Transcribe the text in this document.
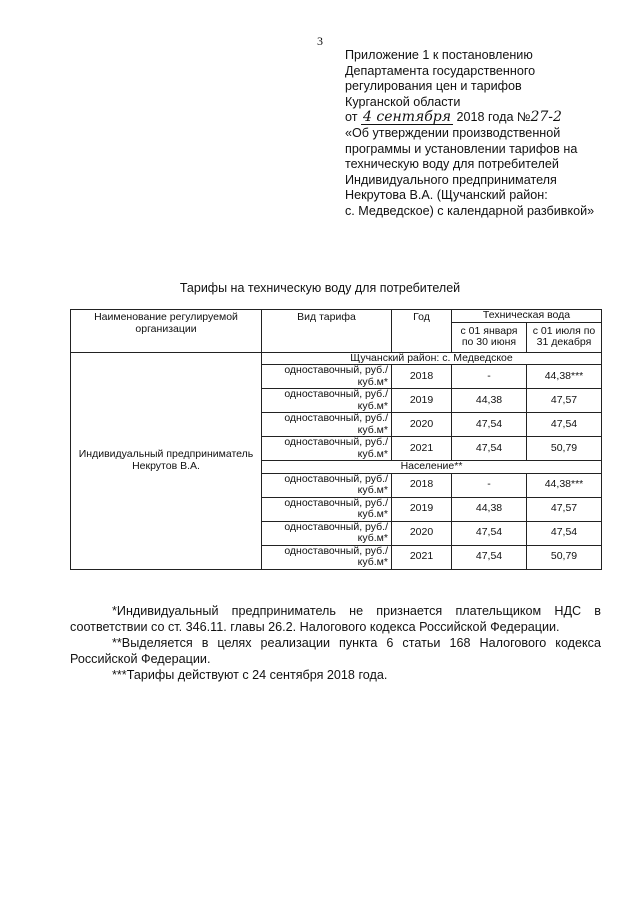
3
Приложение 1 к постановлению
Департамента государственного
регулирования цен и тарифов
Курганской области
от 4 сентября 2018 года №27-2
«Об утверждении производственной
программы и установлении тарифов на
техническую воду для потребителей
Индивидуального предпринимателя
Некрутова В.А. (Щучанский район:
с. Медведское) с календарной разбивкой»
Тарифы на техническую воду для потребителей
Наименование регулируемой организации	Вид тарифа	Год	Техническая вода	
			с 01 января по 30 июня	с 01 июля по 31 декабря
Индивидуальный предприниматель Некрутов В.А.	Щучанский район: с. Медведское			
	одноставочный, руб./куб.м*	2018	-	44,38***
	одноставочный, руб./куб.м*	2019	44,38	47,57
	одноставочный, руб./куб.м*	2020	47,54	47,54
	одноставочный, руб./куб.м*	2021	47,54	50,79
	Население**			
	одноставочный, руб./куб.м*	2018	-	44,38***
	одноставочный, руб./куб.м*	2019	44,38	47,57
	одноставочный, руб./куб.м*	2020	47,54	47,54
	одноставочный, руб./куб.м*	2021	47,54	50,79

*Индивидуальный предприниматель не признается плательщиком НДС в соответствии со ст. 346.11. главы 26.2. Налогового кодекса Российской Федерации.

**Выделяется в целях реализации пункта 6 статьи 168 Налогового кодекса Российской Федерации.

***Тарифы действуют с 24 сентября 2018 года.
